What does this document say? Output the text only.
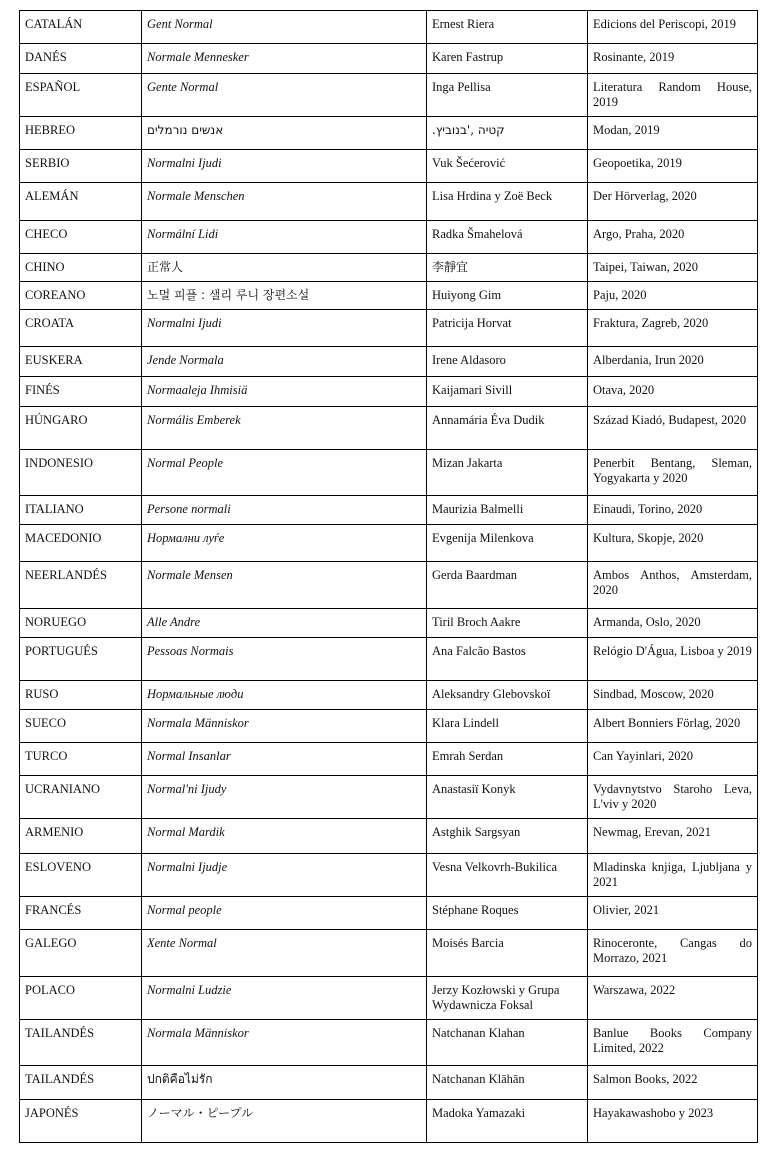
CATALÁN	Gent Normal	Ernest Riera	Edicions del Periscopi, 2019
DANÉS	Normale Mennesker	Karen Fastrup	Rosinante, 2019
ESPAÑOL	Gente Normal	Inga Pellisa	Literatura Random House, 2019
HEBREO	אנשים נורמלים	קטיה ,'בנוביץ.	Modan, 2019
SERBIO	Normalni Ijudi	Vuk Šećerović	Geopoetika, 2019
ALEMÁN	Normale Menschen	Lisa Hrdina y Zoë Beck	Der Hörverlag, 2020
CHECO	Normální Lidi	Radka Šmahelová	Argo, Praha, 2020
CHINO	正常人	李靜宜	Taipei, Taiwan, 2020
COREANO	노멀 피플 : 샐리 루니 장편소설	Huiyong Gim	Paju, 2020
CROATA	Normalni Ijudi	Patricija Horvat	Fraktura, Zagreb, 2020
EUSKERA	Jende Normala	Irene Aldasoro	Alberdania, Irun 2020
FINÉS	Normaaleja Ihmisiä	Kaijamari Sivill	Otava, 2020
HÚNGARO	Normális Emberek	Annamária Éva Dudik	Század Kiadó, Budapest, 2020
INDONESIO	Normal People	Mizan Jakarta	Penerbit Bentang, Sleman, Yogyakarta y 2020
ITALIANO	Persone normali	Maurizia Balmelli	Einaudi, Torino, 2020
MACEDONIO	Нормални луѓе	Evgenija Milenkova	Kultura, Skopje, 2020
NEERLANDÉS	Normale Mensen	Gerda Baardman	Ambos Anthos, Amsterdam, 2020
NORUEGO	Alle Andre	Tiril Broch Aakre	Armanda, Oslo, 2020
PORTUGUÉS	Pessoas Normais	Ana Falcão Bastos	Relógio D'Água, Lisboa y 2019
RUSO	Нормальные люди	Aleksandry Glebovskoï	Sindbad, Moscow, 2020
SUECO	Normala Människor	Klara Lindell	Albert Bonniers Förlag, 2020
TURCO	Normal Insanlar	Emrah Serdan	Can Yayinlari, 2020
UCRANIANO	Normal'ni Ijudy	Anastasiï Konyk	Vydavnytstvo Staroho Leva, L'viv y 2020
ARMENIO	Normal Mardik	Astghik Sargsyan	Newmag, Erevan, 2021
ESLOVENO	Normalni Ijudje	Vesna Velkovrh-Bukilica	Mladinska knjiga, Ljubljana y 2021
FRANCÉS	Normal people	Stéphane Roques	Olivier, 2021
GALEGO	Xente Normal	Moisés Barcia	Rinoceronte, Cangas do Morrazo, 2021
POLACO	Normalni Ludzie	Jerzy Kozłowski y Grupa Wydawnicza Foksal	Warszawa, 2022
TAILANDÉS	Normala Människor	Natchanan Klahan	Banlue Books Company Limited, 2022
TAILANDÉS	ปกติคือไม่รัก	Natchanan Klāhān	Salmon Books, 2022
JAPONÉS	ノーマル・ピープル	Madoka Yamazaki	Hayakawashobo y 2023
